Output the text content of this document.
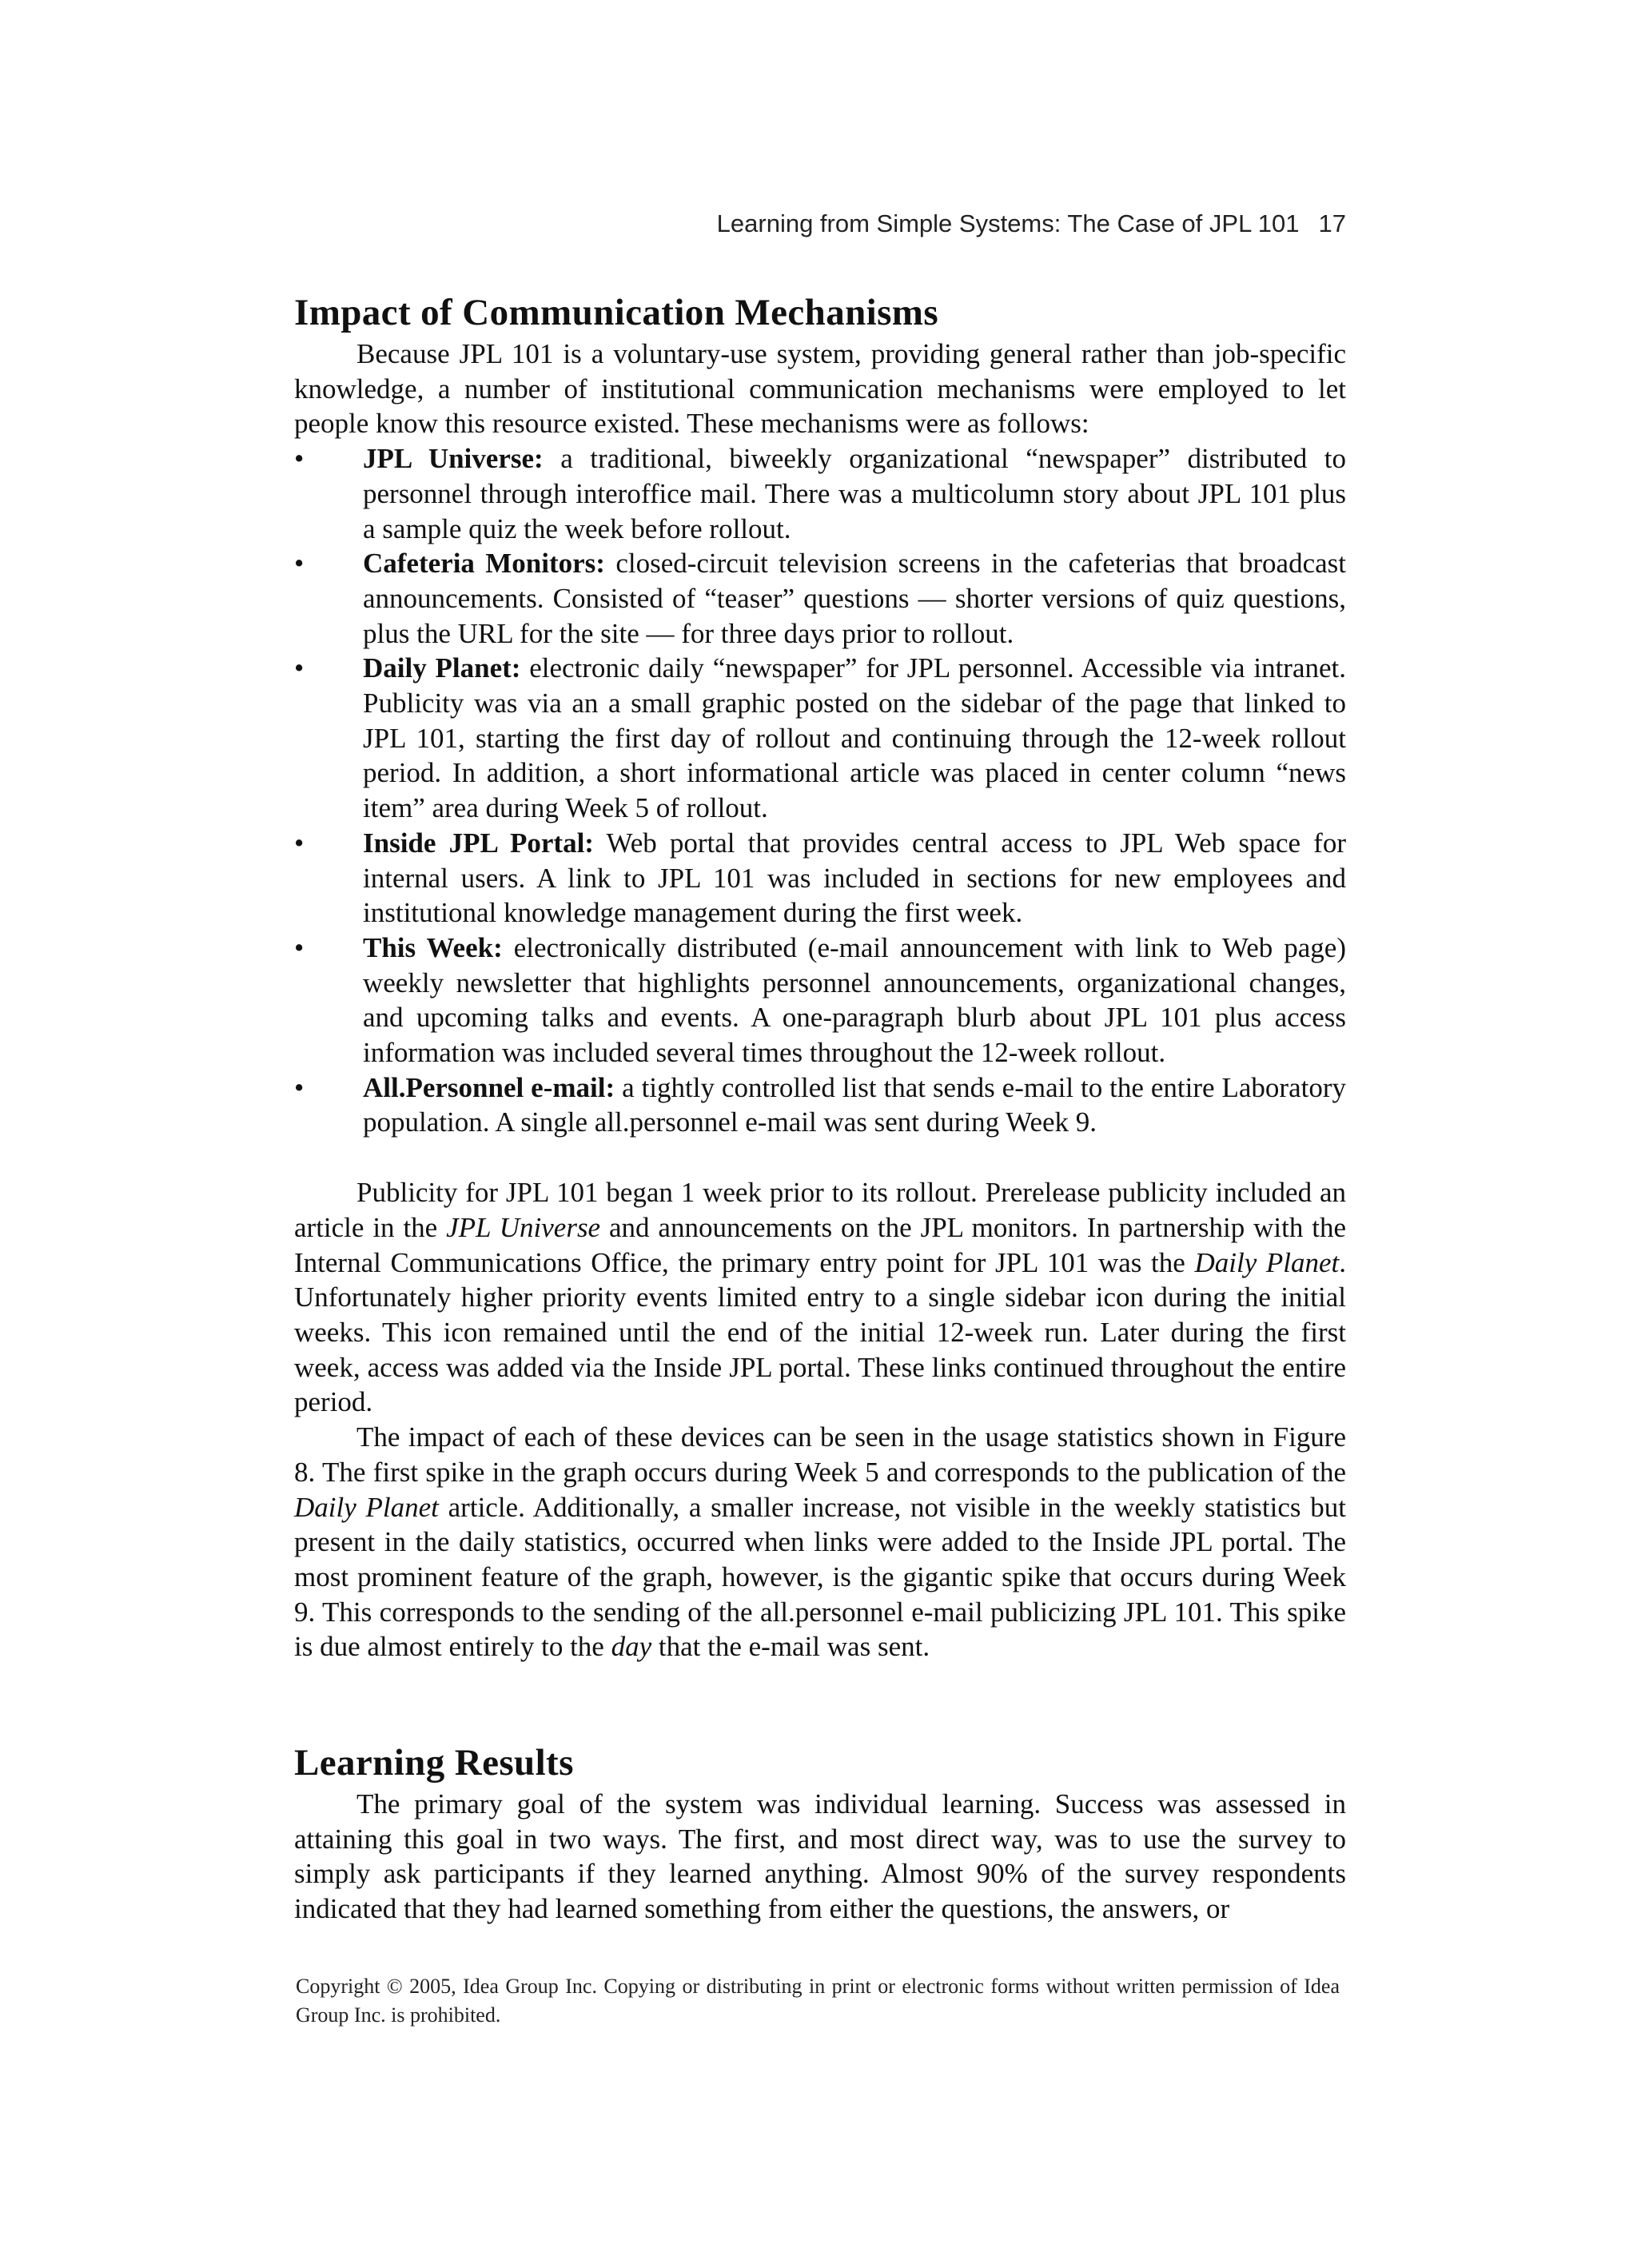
Learning from Simple Systems: The Case of JPL 101 17
Impact of Communication Mechanisms

Because JPL 101 is a voluntary-use system, providing general rather than job-specific knowledge, a number of institutional communication mechanisms were employed to let people know this resource existed. These mechanisms were as follows:

• JPL Universe: a traditional, biweekly organizational “newspaper” distributed to personnel through interoffice mail. There was a multicolumn story about JPL 101 plus a sample quiz the week before rollout.
• Cafeteria Monitors: closed-circuit television screens in the cafeterias that broadcast announcements. Consisted of “teaser” questions — shorter versions of quiz questions, plus the URL for the site — for three days prior to rollout.
• Daily Planet: electronic daily “newspaper” for JPL personnel. Accessible via intranet. Publicity was via an a small graphic posted on the sidebar of the page that linked to JPL 101, starting the first day of rollout and continuing through the 12-week rollout period. In addition, a short informational article was placed in center column “news item” area during Week 5 of rollout.
• Inside JPL Portal: Web portal that provides central access to JPL Web space for internal users. A link to JPL 101 was included in sections for new employees and institutional knowledge management during the first week.
• This Week: electronically distributed (e-mail announcement with link to Web page) weekly newsletter that highlights personnel announcements, organizational changes, and upcoming talks and events. A one-paragraph blurb about JPL 101 plus access information was included several times throughout the 12-week rollout.
• All.Personnel e-mail: a tightly controlled list that sends e-mail to the entire Laboratory population. A single all.personnel e-mail was sent during Week 9.

Publicity for JPL 101 began 1 week prior to its rollout. Prerelease publicity included an article in the JPL Universe and announcements on the JPL monitors. In partnership with the Internal Communications Office, the primary entry point for JPL 101 was the Daily Planet. Unfortunately higher priority events limited entry to a single sidebar icon during the initial weeks. This icon remained until the end of the initial 12-week run. Later during the first week, access was added via the Inside JPL portal. These links continued throughout the entire period.

The impact of each of these devices can be seen in the usage statistics shown in Figure 8. The first spike in the graph occurs during Week 5 and corresponds to the publication of the Daily Planet article. Additionally, a smaller increase, not visible in the weekly statistics but present in the daily statistics, occurred when links were added to the Inside JPL portal. The most prominent feature of the graph, however, is the gigantic spike that occurs during Week 9. This corresponds to the sending of the all.personnel e-mail publicizing JPL 101. This spike is due almost entirely to the day that the e-mail was sent.

Learning Results

The primary goal of the system was individual learning. Success was assessed in attaining this goal in two ways. The first, and most direct way, was to use the survey to simply ask participants if they learned anything. Almost 90% of the survey respondents indicated that they had learned something from either the questions, the answers, or

Copyright © 2005, Idea Group Inc. Copying or distributing in print or electronic forms without written permission of Idea Group Inc. is prohibited.
